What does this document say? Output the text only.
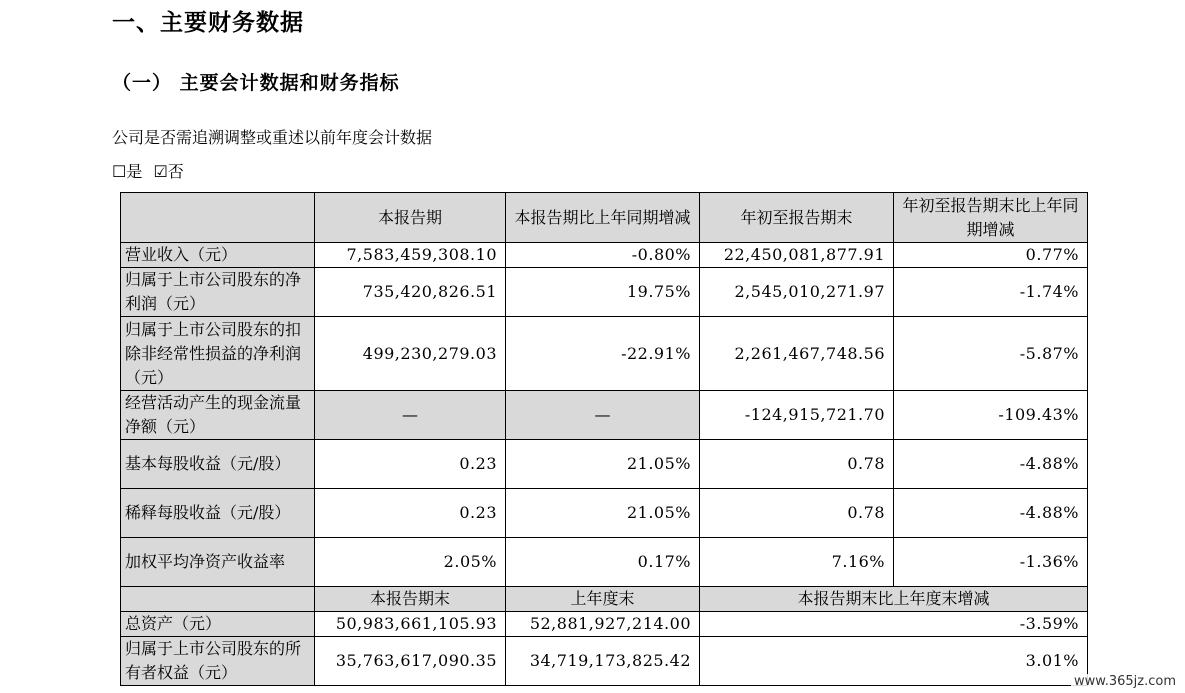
一、主要财务数据
（一） 主要会计数据和财务指标
公司是否需追溯调整或重述以前年度会计数据
☐是 ☑否
	本报告期	本报告期比上年同期增减	年初至报告期末	年初至报告期末比上年同期增减
营业收入（元）	7,583,459,308.10	-0.80%	22,450,081,877.91	0.77%
归属于上市公司股东的净利润（元）	735,420,826.51	19.75%	2,545,010,271.97	-1.74%
归属于上市公司股东的扣除非经常性损益的净利润（元）	499,230,279.03	-22.91%	2,261,467,748.56	-5.87%
经营活动产生的现金流量净额（元）	—	—	-124,915,721.70	-109.43%
基本每股收益（元/股）	0.23	21.05%	0.78	-4.88%
稀释每股收益（元/股）	0.23	21.05%	0.78	-4.88%
加权平均净资产收益率	2.05%	0.17%	7.16%	-1.36%
	本报告期末	上年度末	本报告期末比上年度末增减	
总资产（元）	50,983,661,105.93	52,881,927,214.00	-3.59%	
归属于上市公司股东的所有者权益（元）	35,763,617,090.35	34,719,173,825.42	3.01%	
www.365jz.com
